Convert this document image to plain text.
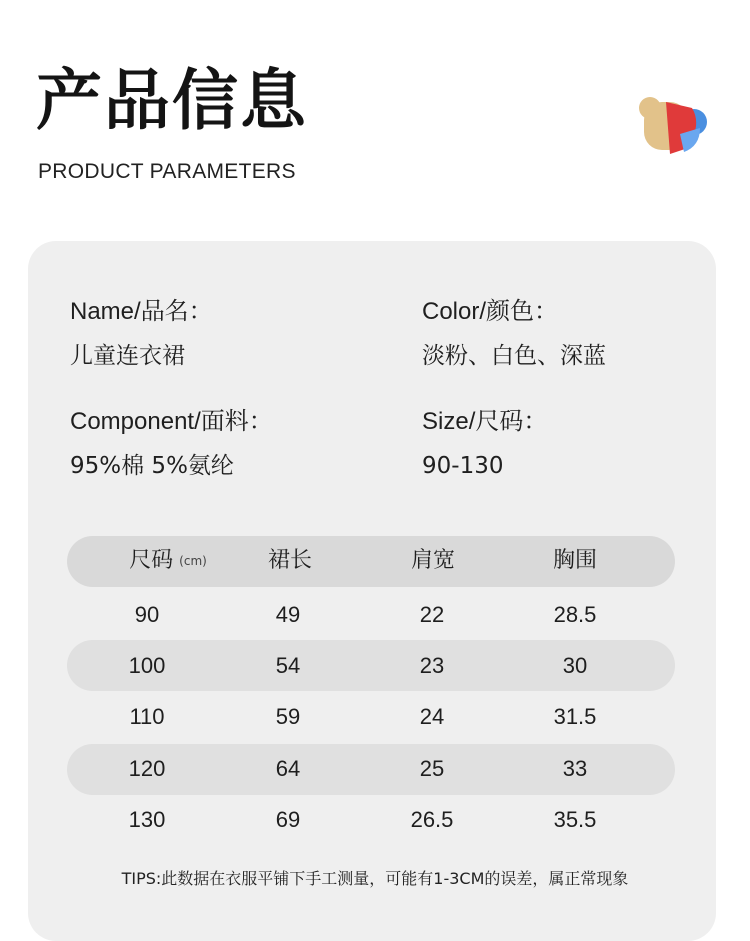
产品信息
PRODUCT PARAMETERS
Name/品名：
儿童连衣裙
Color/颜色：
淡粉、白色、深蓝
Component/面料：
95%棉 5%氨纶
Size/尺码：
90-130
尺码 (cm)	裙长	肩宽	胸围
90	49	22	28.5
100	54	23	30
110	59	24	31.5
120	64	25	33
130	69	26.5	35.5
TIPS:此数据在衣服平铺下手工测量，可能有1-3CM的误差，属正常现象
